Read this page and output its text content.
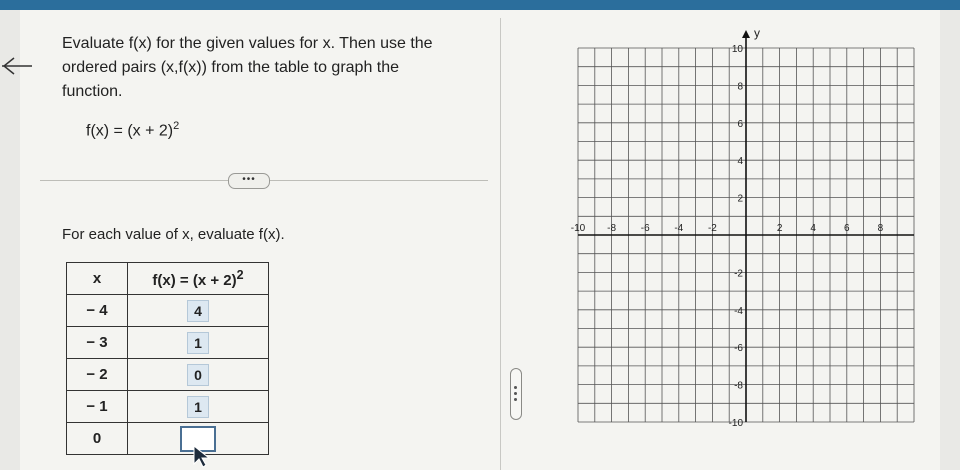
Evaluate f(x) for the given values for x. Then use the
ordered pairs (x,f(x)) from the table to graph the
function.
$f(x) = (x + 2)^2$
•••
For each value of x, evaluate f(x).
x	$f(x) = (x + 2)^2$
− 4	4
− 3	1
− 2	0
− 1	1
0	
y
-10 -8 -6 -4 -2	2	4	6	8
10
8
6
4
2
-2
-4
-6
-8
-10
